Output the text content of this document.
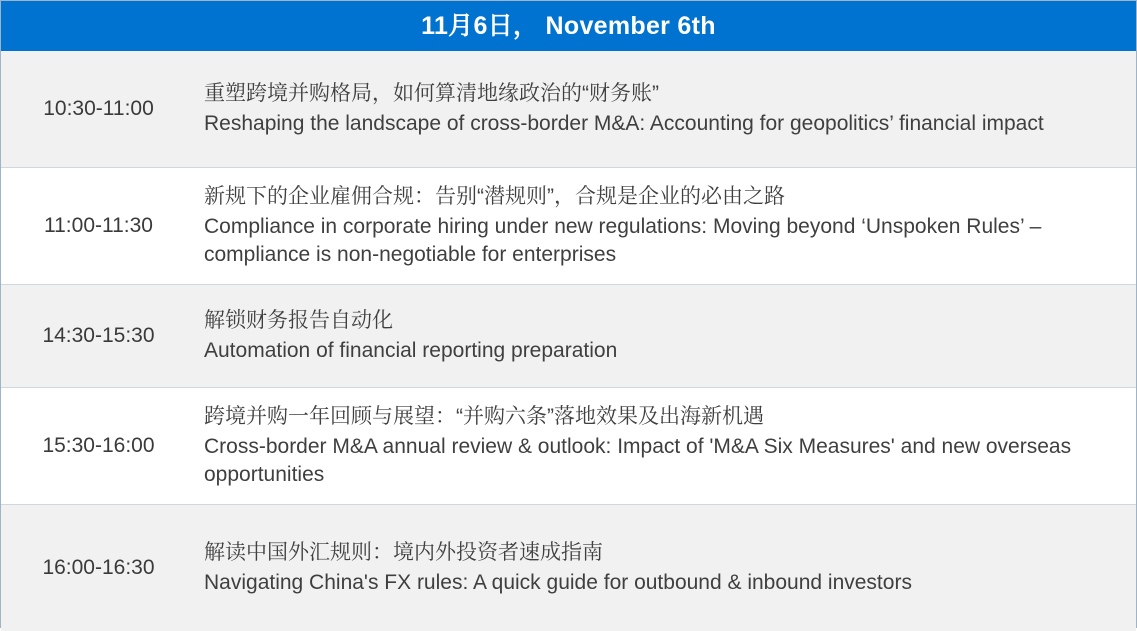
11月6日， November 6th
10:30-11:00
重塑跨境并购格局，如何算清地缘政治的“财务账”
Reshaping the landscape of cross-border M&A: Accounting for geopolitics’ financial impact
11:00-11:30
新规下的企业雇佣合规：告别“潜规则”，合规是企业的必由之路
Compliance in corporate hiring under new regulations: Moving beyond ‘Unspoken Rules’ – compliance is non-negotiable for enterprises
14:30-15:30
解锁财务报告自动化
Automation of financial reporting preparation
15:30-16:00
跨境并购一年回顾与展望：“并购六条”落地效果及出海新机遇
Cross-border M&A annual review & outlook: Impact of 'M&A Six Measures' and new overseas opportunities
16:00-16:30
解读中国外汇规则：境内外投资者速成指南
Navigating China's FX rules: A quick guide for outbound & inbound investors
